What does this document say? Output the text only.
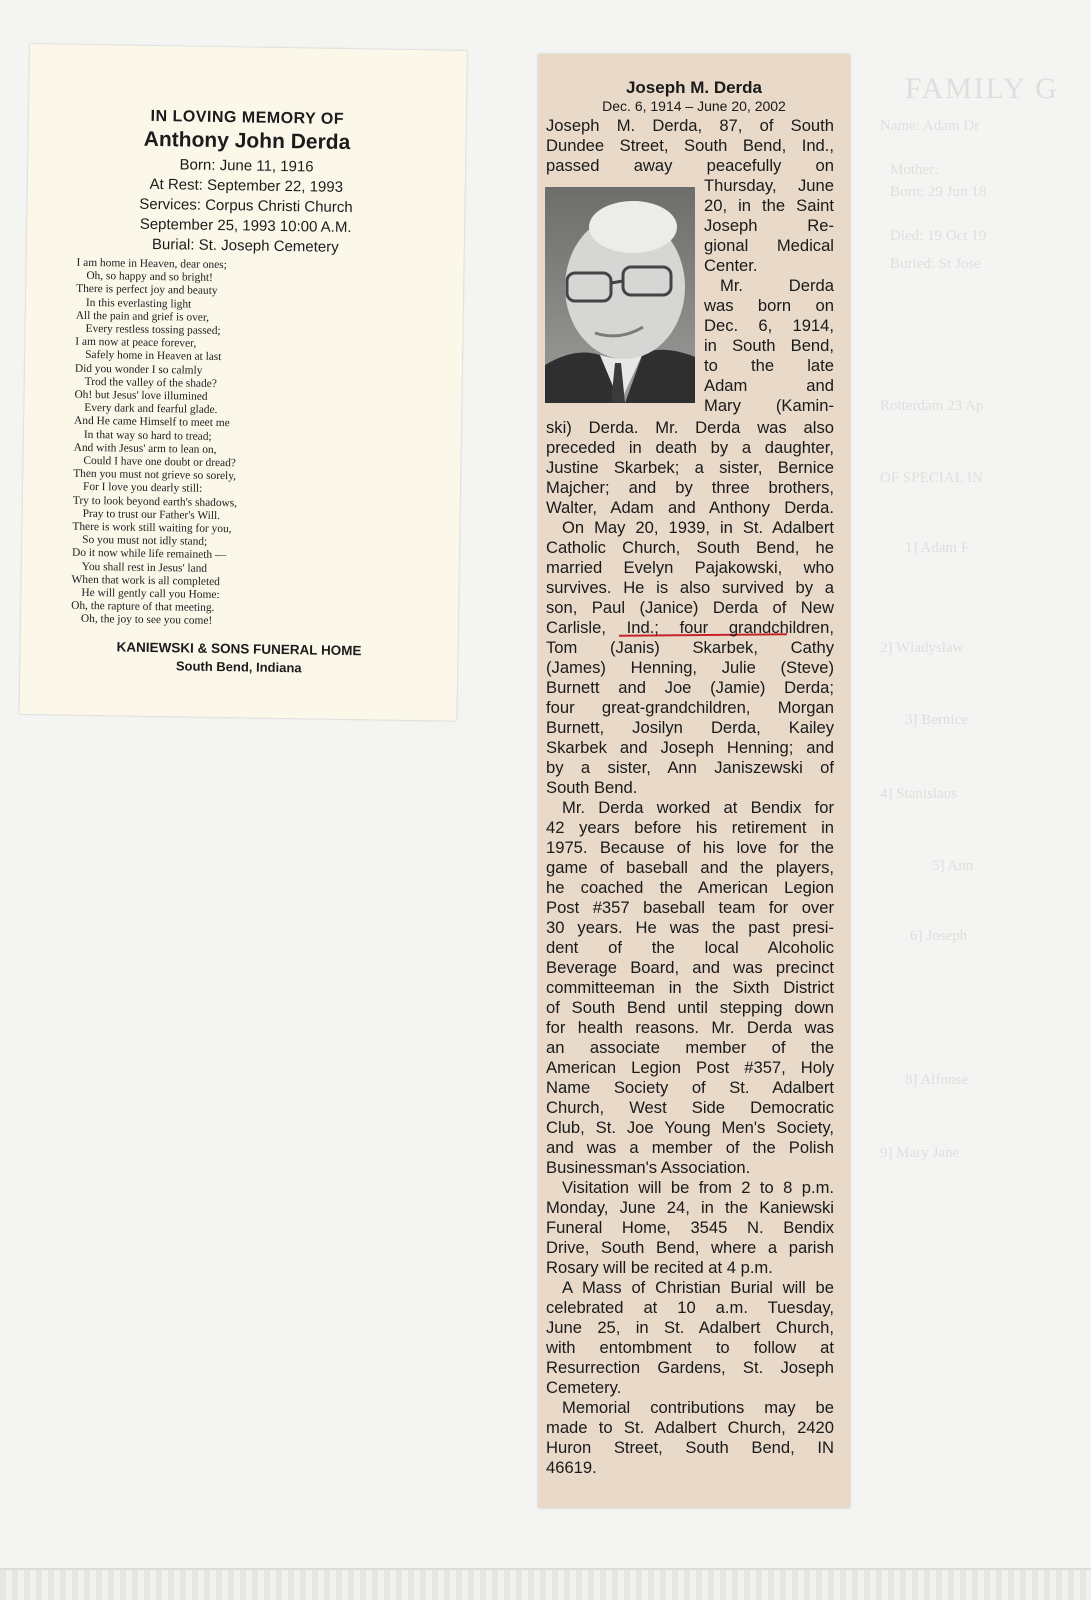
FAMILY G
Name: Adam Dr
Mother:
Born: 29 Jun 18
Died: 19 Oct 19
Buried: St Jose
Rotterdam 23 Ap
OF SPECIAL IN
1] Adam F
2] Wladyslaw
3] Bernice
4] Stanislaus
5] Ann
6] Joseph
8] Alfonse
9] Mary Jane
IN LOVING MEMORY OF
Anthony John Derda
Born: June 11, 1916
At Rest: September 22, 1993
Services: Corpus Christi Church
September 25, 1993 10:00 A.M.
Burial: St. Joseph Cemetery
I am home in Heaven, dear ones;
Oh, so happy and so bright!
There is perfect joy and beauty
In this everlasting light
All the pain and grief is over,
Every restless tossing passed;
I am now at peace forever,
Safely home in Heaven at last
Did you wonder I so calmly
Trod the valley of the shade?
Oh! but Jesus' love illumined
Every dark and fearful glade.
And He came Himself to meet me
In that way so hard to tread;
And with Jesus' arm to lean on,
Could I have one doubt or dread?
Then you must not grieve so sorely,
For I love you dearly still:
Try to look beyond earth's shadows,
Pray to trust our Father's Will.
There is work still waiting for you,
So you must not idly stand;
Do it now while life remaineth —
You shall rest in Jesus' land
When that work is all completed
He will gently call you Home:
Oh, the rapture of that meeting.
Oh, the joy to see you come!
KANIEWSKI & SONS FUNERAL HOME
South Bend, Indiana
Joseph M. Derda
Dec. 6, 1914 – June 20, 2002
Joseph M. Derda, 87, of South
Dundee Street, South Bend, Ind.,
passed away peacefully on
Thursday, June
20, in the Saint
Joseph Re-
gional Medical
Center.
Mr. Derda
was born on
Dec. 6, 1914,
in South Bend,
to the late
Adam and
Mary (Kamin-
ski) Derda. Mr. Derda was also
preceded in death by a daughter,
Justine Skarbek; a sister, Bernice
Majcher; and by three brothers,
Walter, Adam and Anthony Derda.
On May 20, 1939, in St. Adalbert
Catholic Church, South Bend, he
married Evelyn Pajakowski, who
survives. He is also survived by a
son, Paul (Janice) Derda of New
Carlisle, Ind.; four grandchildren,
Tom (Janis) Skarbek, Cathy
(James) Henning, Julie (Steve)
Burnett and Joe (Jamie) Derda;
four great-grandchildren, Morgan
Burnett, Josilyn Derda, Kailey
Skarbek and Joseph Henning; and
by a sister, Ann Janiszewski of
South Bend.
Mr. Derda worked at Bendix for
42 years before his retirement in
1975. Because of his love for the
game of baseball and the players,
he coached the American Legion
Post #357 baseball team for over
30 years. He was the past presi-
dent of the local Alcoholic
Beverage Board, and was precinct
committeeman in the Sixth District
of South Bend until stepping down
for health reasons. Mr. Derda was
an associate member of the
American Legion Post #357, Holy
Name Society of St. Adalbert
Church, West Side Democratic
Club, St. Joe Young Men's Society,
and was a member of the Polish
Businessman's Association.
Visitation will be from 2 to 8 p.m.
Monday, June 24, in the Kaniewski
Funeral Home, 3545 N. Bendix
Drive, South Bend, where a parish
Rosary will be recited at 4 p.m.
A Mass of Christian Burial will be
celebrated at 10 a.m. Tuesday,
June 25, in St. Adalbert Church,
with entombment to follow at
Resurrection Gardens, St. Joseph
Cemetery.
Memorial contributions may be
made to St. Adalbert Church, 2420
Huron Street, South Bend, IN
46619.
